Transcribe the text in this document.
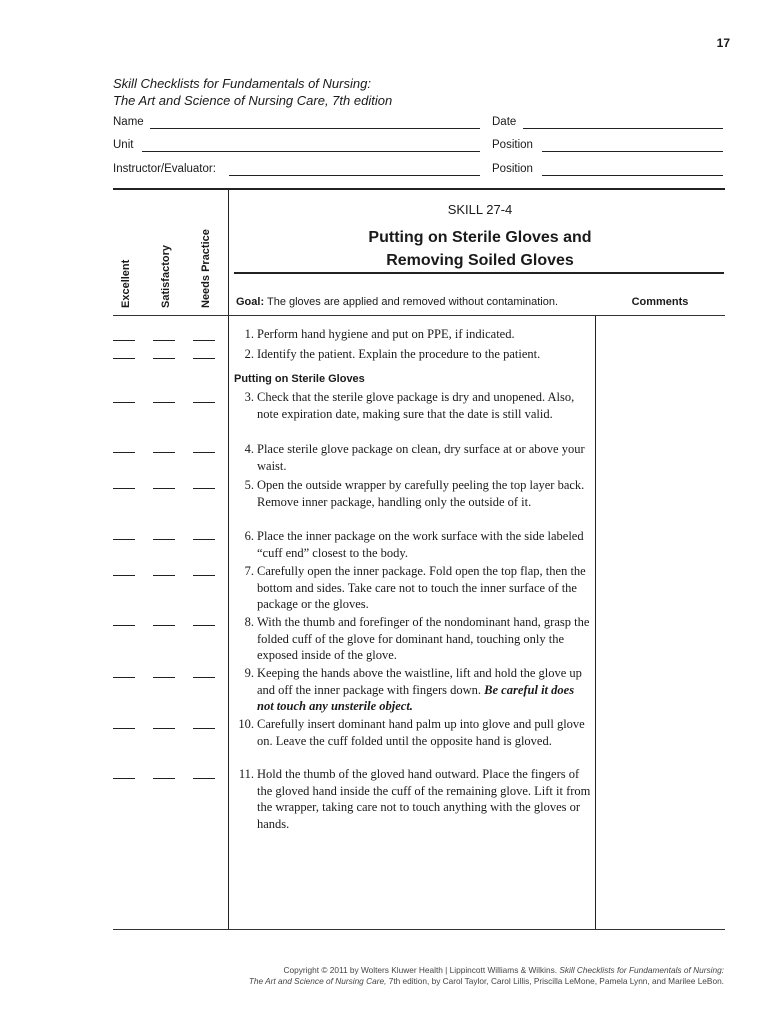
17
Skill Checklists for Fundamentals of Nursing:
The Art and Science of Nursing Care, 7th edition
Name	Date
Unit	Position
Instructor/Evaluator:	Position
Excellent	Satisfactory	Needs Practice
SKILL 27-4
Putting on Sterile Gloves and
Removing Soiled Gloves
Goal: The gloves are applied and removed without contamination.	Comments
Putting on Sterile Gloves
1. Perform hand hygiene and put on PPE, if indicated.
2. Identify the patient. Explain the procedure to the patient.
3. Check that the sterile glove package is dry and unopened. Also, note expiration date, making sure that the date is still valid.
4. Place sterile glove package on clean, dry surface at or above your waist.
5. Open the outside wrapper by carefully peeling the top layer back. Remove inner package, handling only the outside of it.
6. Place the inner package on the work surface with the side labeled “cuff end” closest to the body.
7. Carefully open the inner package. Fold open the top flap, then the bottom and sides. Take care not to touch the inner surface of the package or the gloves.
8. With the thumb and forefinger of the nondominant hand, grasp the folded cuff of the glove for dominant hand, touching only the exposed inside of the glove.
9. Keeping the hands above the waistline, lift and hold the glove up and off the inner package with fingers down. Be careful it does not touch any unsterile object.
10. Carefully insert dominant hand palm up into glove and pull glove on. Leave the cuff folded until the opposite hand is gloved.
11. Hold the thumb of the gloved hand outward. Place the fingers of the gloved hand inside the cuff of the remaining glove. Lift it from the wrapper, taking care not to touch anything with the gloves or hands.
Copyright © 2011 by Wolters Kluwer Health | Lippincott Williams & Wilkins. Skill Checklists for Fundamentals of Nursing:
The Art and Science of Nursing Care, 7th edition, by Carol Taylor, Carol Lillis, Priscilla LeMone, Pamela Lynn, and Marilee LeBon.
